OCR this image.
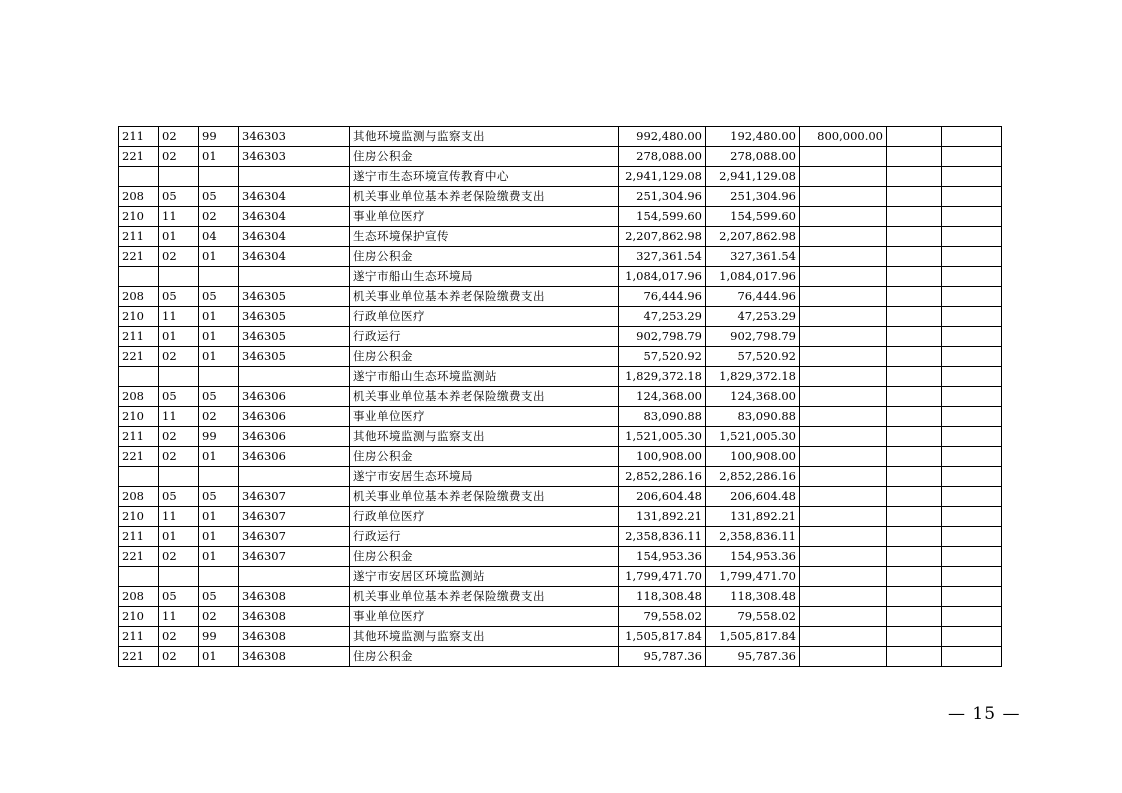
211	02	99	346303	其他环境监测与监察支出	992,480.00	192,480.00	800,000.00		
221	02	01	346303	住房公积金	278,088.00	278,088.00			
				遂宁市生态环境宣传教育中心	2,941,129.08	2,941,129.08			
208	05	05	346304	机关事业单位基本养老保险缴费支出	251,304.96	251,304.96			
210	11	02	346304	事业单位医疗	154,599.60	154,599.60			
211	01	04	346304	生态环境保护宣传	2,207,862.98	2,207,862.98			
221	02	01	346304	住房公积金	327,361.54	327,361.54			
				遂宁市船山生态环境局	1,084,017.96	1,084,017.96			
208	05	05	346305	机关事业单位基本养老保险缴费支出	76,444.96	76,444.96			
210	11	01	346305	行政单位医疗	47,253.29	47,253.29			
211	01	01	346305	行政运行	902,798.79	902,798.79			
221	02	01	346305	住房公积金	57,520.92	57,520.92			
				遂宁市船山生态环境监测站	1,829,372.18	1,829,372.18			
208	05	05	346306	机关事业单位基本养老保险缴费支出	124,368.00	124,368.00			
210	11	02	346306	事业单位医疗	83,090.88	83,090.88			
211	02	99	346306	其他环境监测与监察支出	1,521,005.30	1,521,005.30			
221	02	01	346306	住房公积金	100,908.00	100,908.00			
				遂宁市安居生态环境局	2,852,286.16	2,852,286.16			
208	05	05	346307	机关事业单位基本养老保险缴费支出	206,604.48	206,604.48			
210	11	01	346307	行政单位医疗	131,892.21	131,892.21			
211	01	01	346307	行政运行	2,358,836.11	2,358,836.11			
221	02	01	346307	住房公积金	154,953.36	154,953.36			
				遂宁市安居区环境监测站	1,799,471.70	1,799,471.70			
208	05	05	346308	机关事业单位基本养老保险缴费支出	118,308.48	118,308.48			
210	11	02	346308	事业单位医疗	79,558.02	79,558.02			
211	02	99	346308	其他环境监测与监察支出	1,505,817.84	1,505,817.84			
221	02	01	346308	住房公积金	95,787.36	95,787.36			
— 15 —
